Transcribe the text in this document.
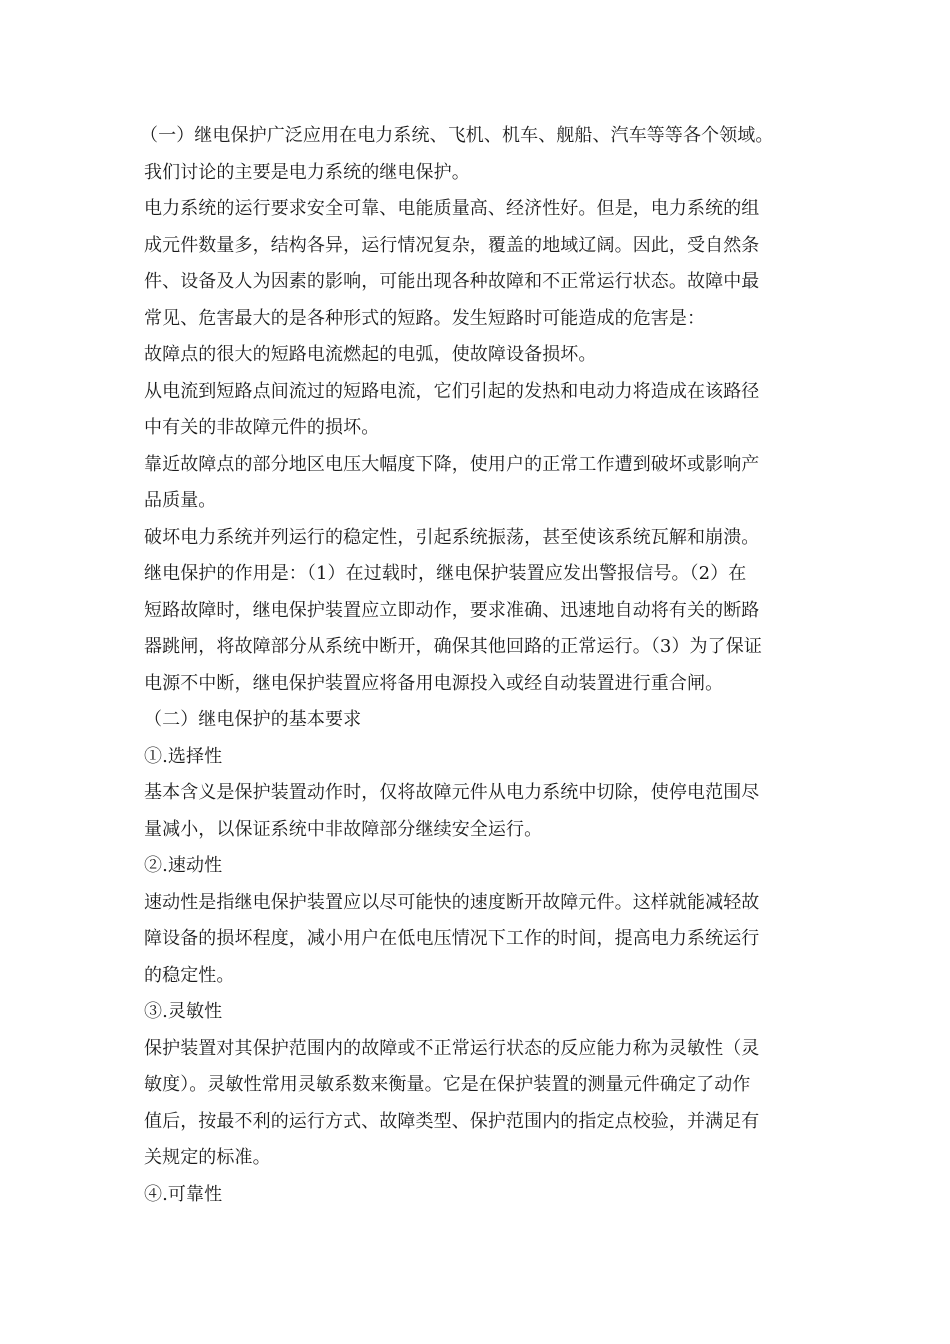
（一）继电保护广泛应用在电力系统、飞机、机车、舰船、汽车等等各个领域。
我们讨论的主要是电力系统的继电保护。
电力系统的运行要求安全可靠、电能质量高、经济性好。但是，电力系统的组
成元件数量多，结构各异，运行情况复杂，覆盖的地域辽阔。因此，受自然条
件、设备及人为因素的影响，可能出现各种故障和不正常运行状态。故障中最
常见、危害最大的是各种形式的短路。发生短路时可能造成的危害是：
故障点的很大的短路电流燃起的电弧，使故障设备损坏。
从电流到短路点间流过的短路电流，它们引起的发热和电动力将造成在该路径
中有关的非故障元件的损坏。
靠近故障点的部分地区电压大幅度下降，使用户的正常工作遭到破坏或影响产
品质量。
破坏电力系统并列运行的稳定性，引起系统振荡，甚至使该系统瓦解和崩溃。
继电保护的作用是：（1）在过载时，继电保护装置应发出警报信号。（2）在
短路故障时，继电保护装置应立即动作，要求准确、迅速地自动将有关的断路
器跳闸，将故障部分从系统中断开，确保其他回路的正常运行。（3）为了保证
电源不中断，继电保护装置应将备用电源投入或经自动装置进行重合闸。
（二）继电保护的基本要求
①.选择性
基本含义是保护装置动作时，仅将故障元件从电力系统中切除，使停电范围尽
量减小，以保证系统中非故障部分继续安全运行。
②.速动性
速动性是指继电保护装置应以尽可能快的速度断开故障元件。这样就能减轻故
障设备的损坏程度，减小用户在低电压情况下工作的时间，提高电力系统运行
的稳定性。
③.灵敏性
保护装置对其保护范围内的故障或不正常运行状态的反应能力称为灵敏性（灵
敏度）。灵敏性常用灵敏系数来衡量。它是在保护装置的测量元件确定了动作
值后，按最不利的运行方式、故障类型、保护范围内的指定点校验，并满足有
关规定的标准。
④.可靠性
